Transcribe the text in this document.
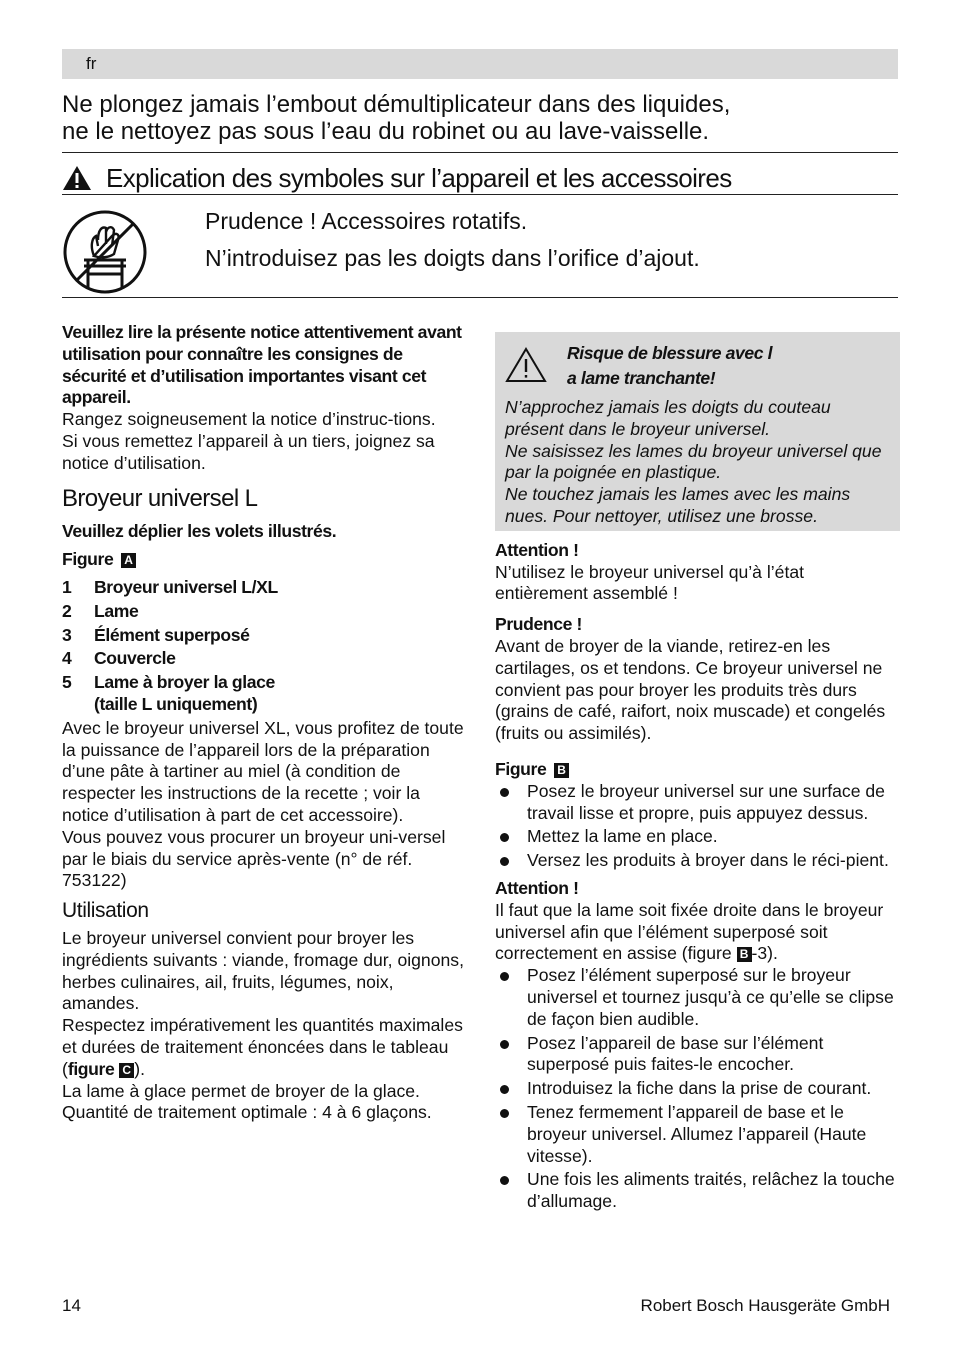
fr
Ne plongez jamais l’embout démultiplicateur dans des liquides,
ne le nettoyez pas sous l’eau du robinet ou au lave-vaisselle.
Explication des symboles sur l’appareil et les accessoires
Prudence ! Accessoires rotatifs.
N’introduisez pas les doigts dans l’orifice d’ajout.

Veuillez lire la présente notice attentivement avant utilisation pour connaître les consignes de sécurité et d’utilisation importantes visant cet appareil.

Rangez soigneusement la notice d’instruc-tions.

Si vous remettez l’appareil à un tiers, joignez sa notice d’utilisation.

Broyeur universel L

Veuillez déplier les volets illustrés.

Figure A

1	Broyeur universel L/XL
2	Lame
3	Élément superposé
4	Couvercle
5	Lame à broyer la glace (taille L uniquement)

Avec le broyeur universel XL, vous profitez de toute la puissance de l’appareil lors de la préparation d’une pâte à tartiner au miel (à condition de respecter les instructions de la recette ; voir la notice d’utilisation à part de cet accessoire).

Vous pouvez vous procurer un broyeur uni-versel par le biais du service après-vente (n° de réf. 753122)

Utilisation

Le broyeur universel convient pour broyer les ingrédients suivants : viande, fromage dur, oignons, herbes culinaires, ail, fruits, légumes, noix, amandes.

Respectez impérativement les quantités maximales et durées de traitement énoncées dans le tableau (figure C ).

La lame à glace permet de broyer de la glace.

Quantité de traitement optimale : 4 à 6 glaçons.

Risque de blessure avec l
a lame tranchante!

N’approchez jamais les doigts du couteau présent dans le broyeur universel.

Ne saisissez les lames du broyeur universel que par la poignée en plastique.

Ne touchez jamais les lames avec les mains nues. Pour nettoyer, utilisez une brosse.

Attention !

N’utilisez le broyeur universel qu’à l’état entièrement assemblé !

Prudence !

Avant de broyer de la viande, retirez-en les cartilages, os et tendons. Ce broyeur universel ne convient pas pour broyer les produits très durs (grains de café, raifort, noix muscade) et congelés (fruits ou assimilés).

Figure B

Posez le broyeur universel sur une surface de travail lisse et propre, puis appuyez dessus.
Mettez la lame en place.
Versez les produits à broyer dans le réci-pient.

Attention !

Il faut que la lame soit fixée droite dans le broyeur universel afin que l’élément superposé soit correctement en assise (figure B -3).

Posez l’élément superposé sur le broyeur universel et tournez jusqu’à ce qu’elle se clipse de façon bien audible.
Posez l’appareil de base sur l’élément superposé puis faites-le encocher.
Introduisez la fiche dans la prise de courant.
Tenez fermement l’appareil de base et le broyeur universel. Allumez l’appareil (Haute vitesse).
Une fois les aliments traités, relâchez la touche d’allumage.
14	Robert Bosch Hausgeräte GmbH
